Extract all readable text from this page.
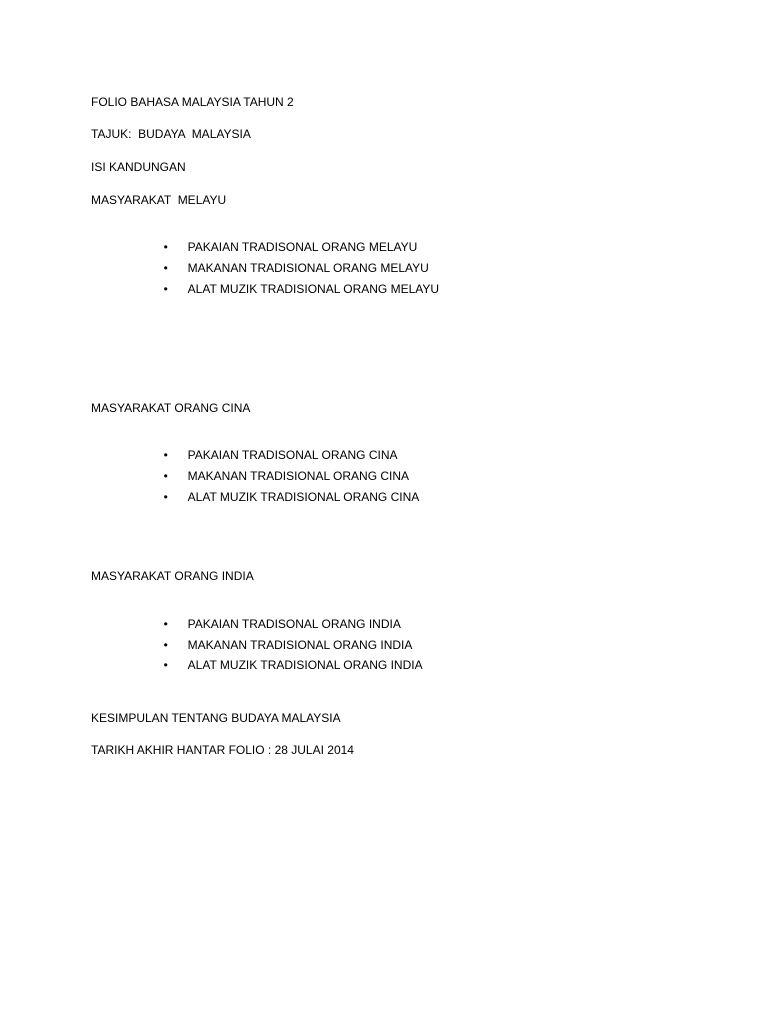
FOLIO BAHASA MALAYSIA TAHUN 2
TAJUK:  BUDAYA  MALAYSIA
ISI KANDUNGAN
MASYARAKAT  MELAYU

• PAKAIAN TRADISONAL ORANG MELAYU

• MAKANAN TRADISIONAL ORANG MELAYU

• ALAT MUZIK TRADISIONAL ORANG MELAYU

MASYARAKAT ORANG CINA

• PAKAIAN TRADISONAL ORANG CINA

• MAKANAN TRADISIONAL ORANG CINA

• ALAT MUZIK TRADISIONAL ORANG CINA

MASYARAKAT ORANG INDIA

• PAKAIAN TRADISONAL ORANG INDIA

• MAKANAN TRADISIONAL ORANG INDIA

• ALAT MUZIK TRADISIONAL ORANG INDIA

KESIMPULAN TENTANG BUDAYA MALAYSIA
TARIKH AKHIR HANTAR FOLIO : 28 JULAI 2014
